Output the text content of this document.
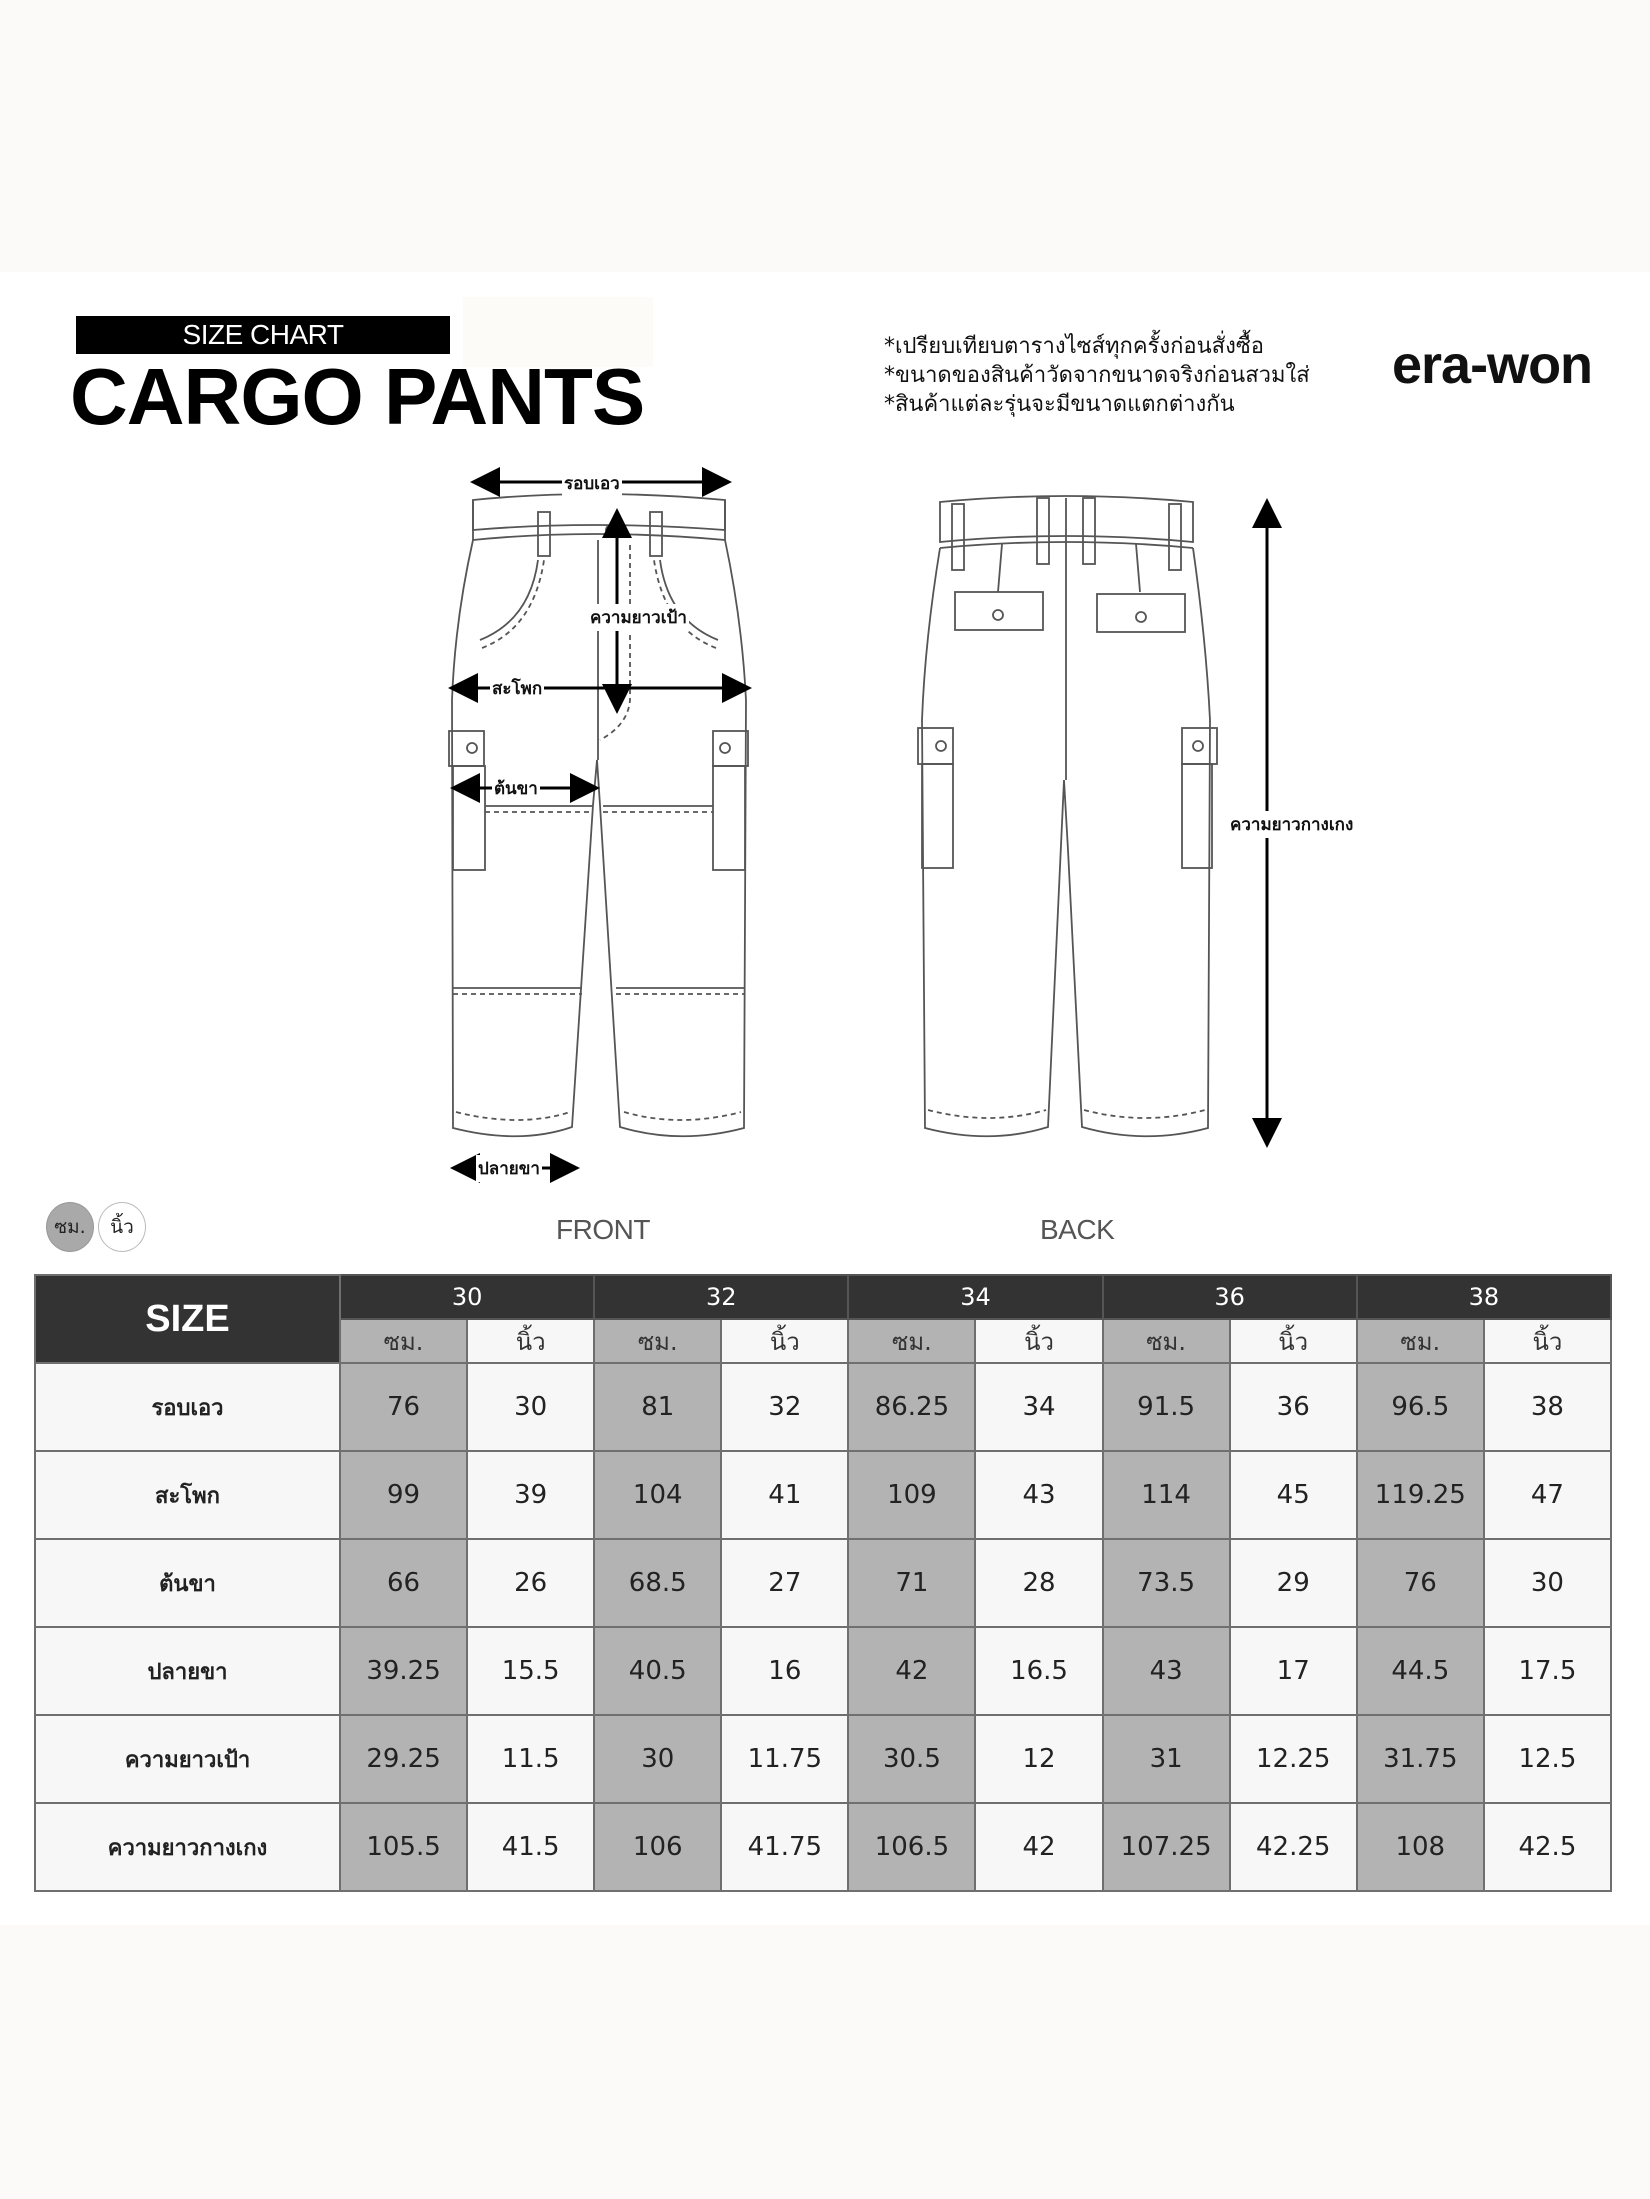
SIZE CHART
CARGO PANTS
*เปรียบเทียบตารางไซส์ทุกครั้งก่อนสั่งซื้อ
*ขนาดของสินค้าวัดจากขนาดจริงก่อนสวมใส่
*สินค้าแต่ละรุ่นจะมีขนาดแตกต่างกัน
era-won
รอบเอว
ความยาวเป้า
สะโพก
ต้นขา
ปลายขา
ความยาวกางเกง
FRONT	BACK
ซม.	นิ้ว
SIZE	30		32		34		36		38	
	ซม.	นิ้ว	ซม.	นิ้ว	ซม.	นิ้ว	ซม.	นิ้ว	ซม.	นิ้ว
รอบเอว	76	30	81	32	86.25	34	91.5	36	96.5	38
สะโพก	99	39	104	41	109	43	114	45	119.25	47
ต้นขา	66	26	68.5	27	71	28	73.5	29	76	30
ปลายขา	39.25	15.5	40.5	16	42	16.5	43	17	44.5	17.5
ความยาวเป้า	29.25	11.5	30	11.75	30.5	12	31	12.25	31.75	12.5
ความยาวกางเกง	105.5	41.5	106	41.75	106.5	42	107.25	42.25	108	42.5
